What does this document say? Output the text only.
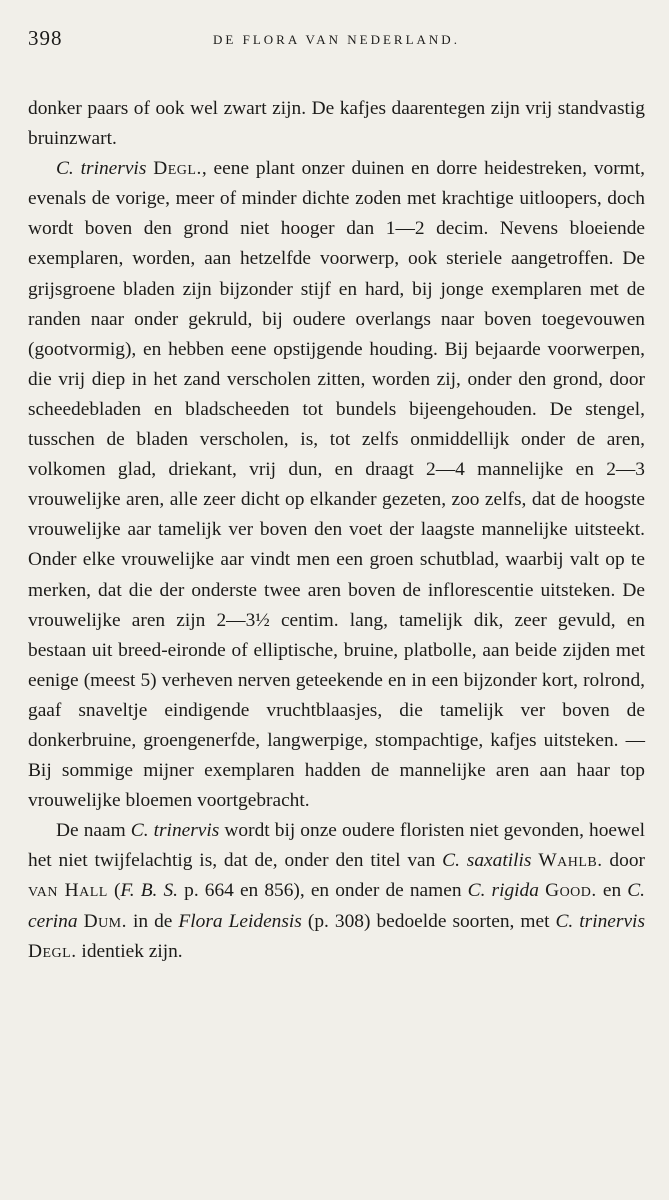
398	DE FLORA VAN NEDERLAND.

donker paars of ook wel zwart zijn. De kafjes daarentegen zijn vrij standvastig bruinzwart.

C. trinervis Degl., eene plant onzer duinen en dorre heidestreken, vormt, evenals de vorige, meer of minder dichte zoden met krachtige uitloopers, doch wordt boven den grond niet hooger dan 1—2 decim. Nevens bloeiende exemplaren, worden, aan hetzelfde voorwerp, ook steriele aangetroffen. De grijsgroene bladen zijn bijzonder stijf en hard, bij jonge exemplaren met de randen naar onder gekruld, bij oudere overlangs naar boven toegevouwen (gootvormig), en hebben eene opstijgende houding. Bij bejaarde voorwerpen, die vrij diep in het zand verscholen zitten, worden zij, onder den grond, door scheedebladen en bladscheeden tot bundels bijeengehouden. De stengel, tusschen de bladen verscholen, is, tot zelfs onmiddellijk onder de aren, volkomen glad, driekant, vrij dun, en draagt 2—4 mannelijke en 2—3 vrouwelijke aren, alle zeer dicht op elkander gezeten, zoo zelfs, dat de hoogste vrouwelijke aar tamelijk ver boven den voet der laagste mannelijke uitsteekt. Onder elke vrouwelijke aar vindt men een groen schutblad, waarbij valt op te merken, dat die der onderste twee aren boven de inflorescentie uitsteken. De vrouwelijke aren zijn 2—3½ centim. lang, tamelijk dik, zeer gevuld, en bestaan uit breed-eironde of elliptische, bruine, platbolle, aan beide zijden met eenige (meest 5) verheven nerven geteekende en in een bijzonder kort, rolrond, gaaf snaveltje eindigende vruchtblaasjes, die tamelijk ver boven de donkerbruine, groengenerfde, langwerpige, stompachtige, kafjes uitsteken. — Bij sommige mijner exemplaren hadden de mannelijke aren aan haar top vrouwelijke bloemen voortgebracht.

De naam C. trinervis wordt bij onze oudere floristen niet gevonden, hoewel het niet twijfelachtig is, dat de, onder den titel van C. saxatilis Wahlb. door van Hall (F. B. S. p. 664 en 856), en onder de namen C. rigida Good. en C. cerina Dum. in de Flora Leidensis (p. 308) bedoelde soorten, met C. trinervis Degl. identiek zijn.
